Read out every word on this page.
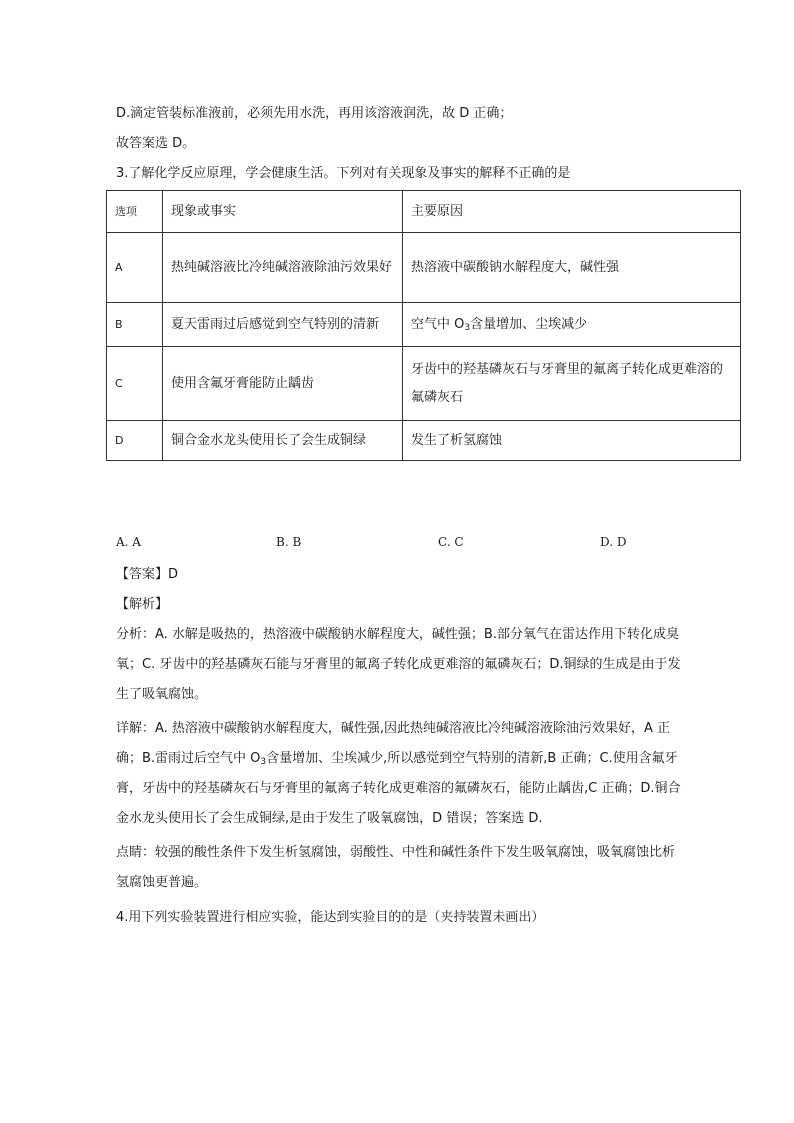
D.滴定管装标准液前，必须先用水洗，再用该溶液润洗，故 D 正确；
故答案选 D。
3.了解化学反应原理，学会健康生活。下列对有关现象及事实的解释不正确的是
选项	现象或事实	主要原因
A	热纯碱溶液比冷纯碱溶液除油污效果好	热溶液中碳酸钠水解程度大，碱性强
B	夏天雷雨过后感觉到空气特别的清新	空气中 $O_3$含量增加、尘埃减少
C	使用含氟牙膏能防止龋齿	牙齿中的羟基磷灰石与牙膏里的氟离子转化成更难溶的氟磷灰石
D	铜合金水龙头使用长了会生成铜绿	发生了析氢腐蚀
A. A	B. B	C. C	D. D
【答案】D
【解析】
分析：A. 水解是吸热的，热溶液中碳酸钠水解程度大，碱性强；B.部分氧气在雷达作用下转化成臭氧；C. 牙齿中的羟基磷灰石能与牙膏里的氟离子转化成更难溶的氟磷灰石；D.铜绿的生成是由于发生了吸氧腐蚀。
详解：A. 热溶液中碳酸钠水解程度大，碱性强,因此热纯碱溶液比冷纯碱溶液除油污效果好，A 正确；B.雷雨过后空气中 $O_3$含量增加、尘埃减少,所以感觉到空气特别的清新,B 正确；C.使用含氟牙膏，牙齿中的羟基磷灰石与牙膏里的氟离子转化成更难溶的氟磷灰石，能防止龋齿,C 正确；D.铜合金水龙头使用长了会生成铜绿,是由于发生了吸氧腐蚀，D 错误；答案选 D.
点睛：较强的酸性条件下发生析氢腐蚀，弱酸性、中性和碱性条件下发生吸氧腐蚀，吸氧腐蚀比析氢腐蚀更普遍。
4.用下列实验装置进行相应实验，能达到实验目的的是（夹持装置未画出）
